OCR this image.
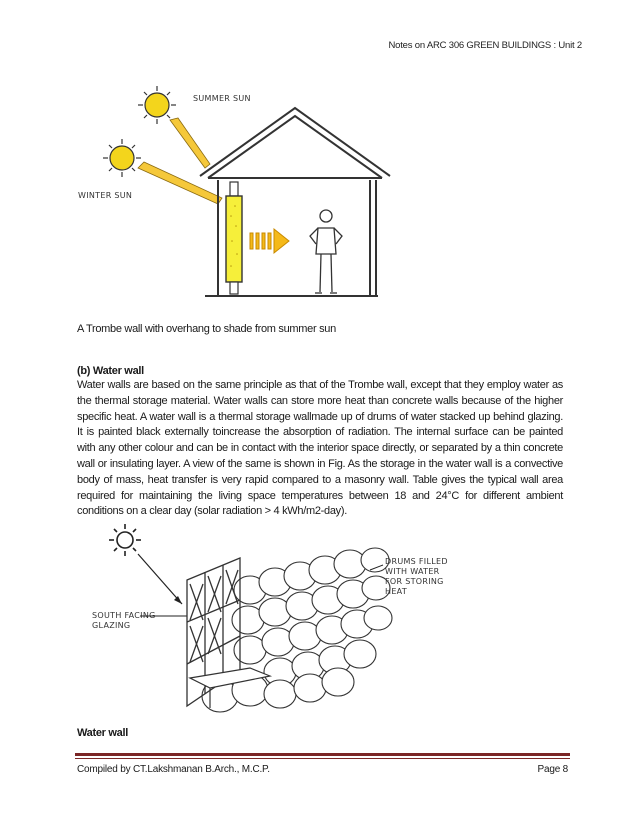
Notes on ARC 306 GREEN BUILDINGS : Unit 2
SUMMER SUN
WINTER SUN
A Trombe wall with overhang to shade from summer sun
(b) Water wall

Water walls are based on the same principle as that of the Trombe wall, except that they employ water as the thermal storage material. Water walls can store more heat than concrete walls because of the higher specific heat. A water wall is a thermal storage wallmade up of drums of water stacked up behind glazing. It is painted black externally toincrease the absorption of radiation. The internal surface can be painted with any other colour and can be in contact with the interior space directly, or separated by a thin concrete wall or insulating layer. A view of the same is shown in Fig. As the storage in the water wall is a convective body of mass, heat transfer is very rapid compared to a masonry wall. Table gives the typical wall area required for maintaining the living space temperatures between 18 and 24°C for different ambient conditions on a clear day (solar radiation > 4 kWh/m2-day).

SOUTH FACING
GLAZING
DRUMS FILLED
WITH WATER
FOR STORING
HEAT
Water wall
Compiled by CT.Lakshmanan B.Arch., M.C.P.	Page 8
